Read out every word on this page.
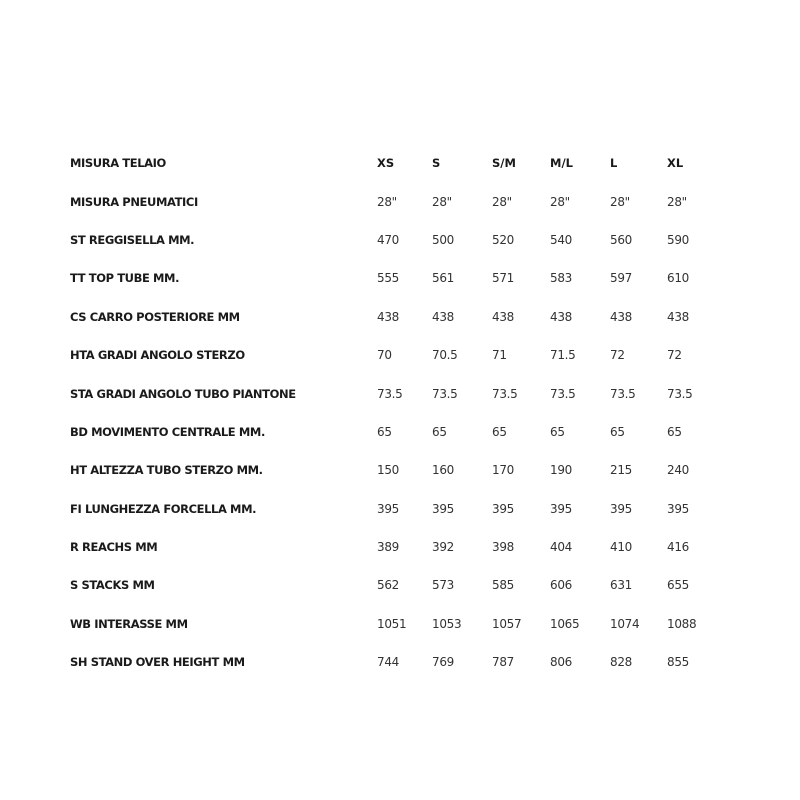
MISURA TELAIO	XS	S	S/M	M/L	L	XL
MISURA PNEUMATICI	28"	28"	28"	28"	28"	28"
ST REGGISELLA MM.	470	500	520	540	560	590
TT TOP TUBE MM.	555	561	571	583	597	610
CS CARRO POSTERIORE MM	438	438	438	438	438	438
HTA GRADI ANGOLO STERZO	70	70.5	71	71.5	72	72
STA GRADI ANGOLO TUBO PIANTONE	73.5	73.5	73.5	73.5	73.5	73.5
BD MOVIMENTO CENTRALE MM.	65	65	65	65	65	65
HT ALTEZZA TUBO STERZO MM.	150	160	170	190	215	240
FI LUNGHEZZA FORCELLA MM.	395	395	395	395	395	395
R REACHS MM	389	392	398	404	410	416
S STACKS MM	562	573	585	606	631	655
WB INTERASSE MM	1051	1053	1057	1065	1074	1088
SH STAND OVER HEIGHT MM	744	769	787	806	828	855
